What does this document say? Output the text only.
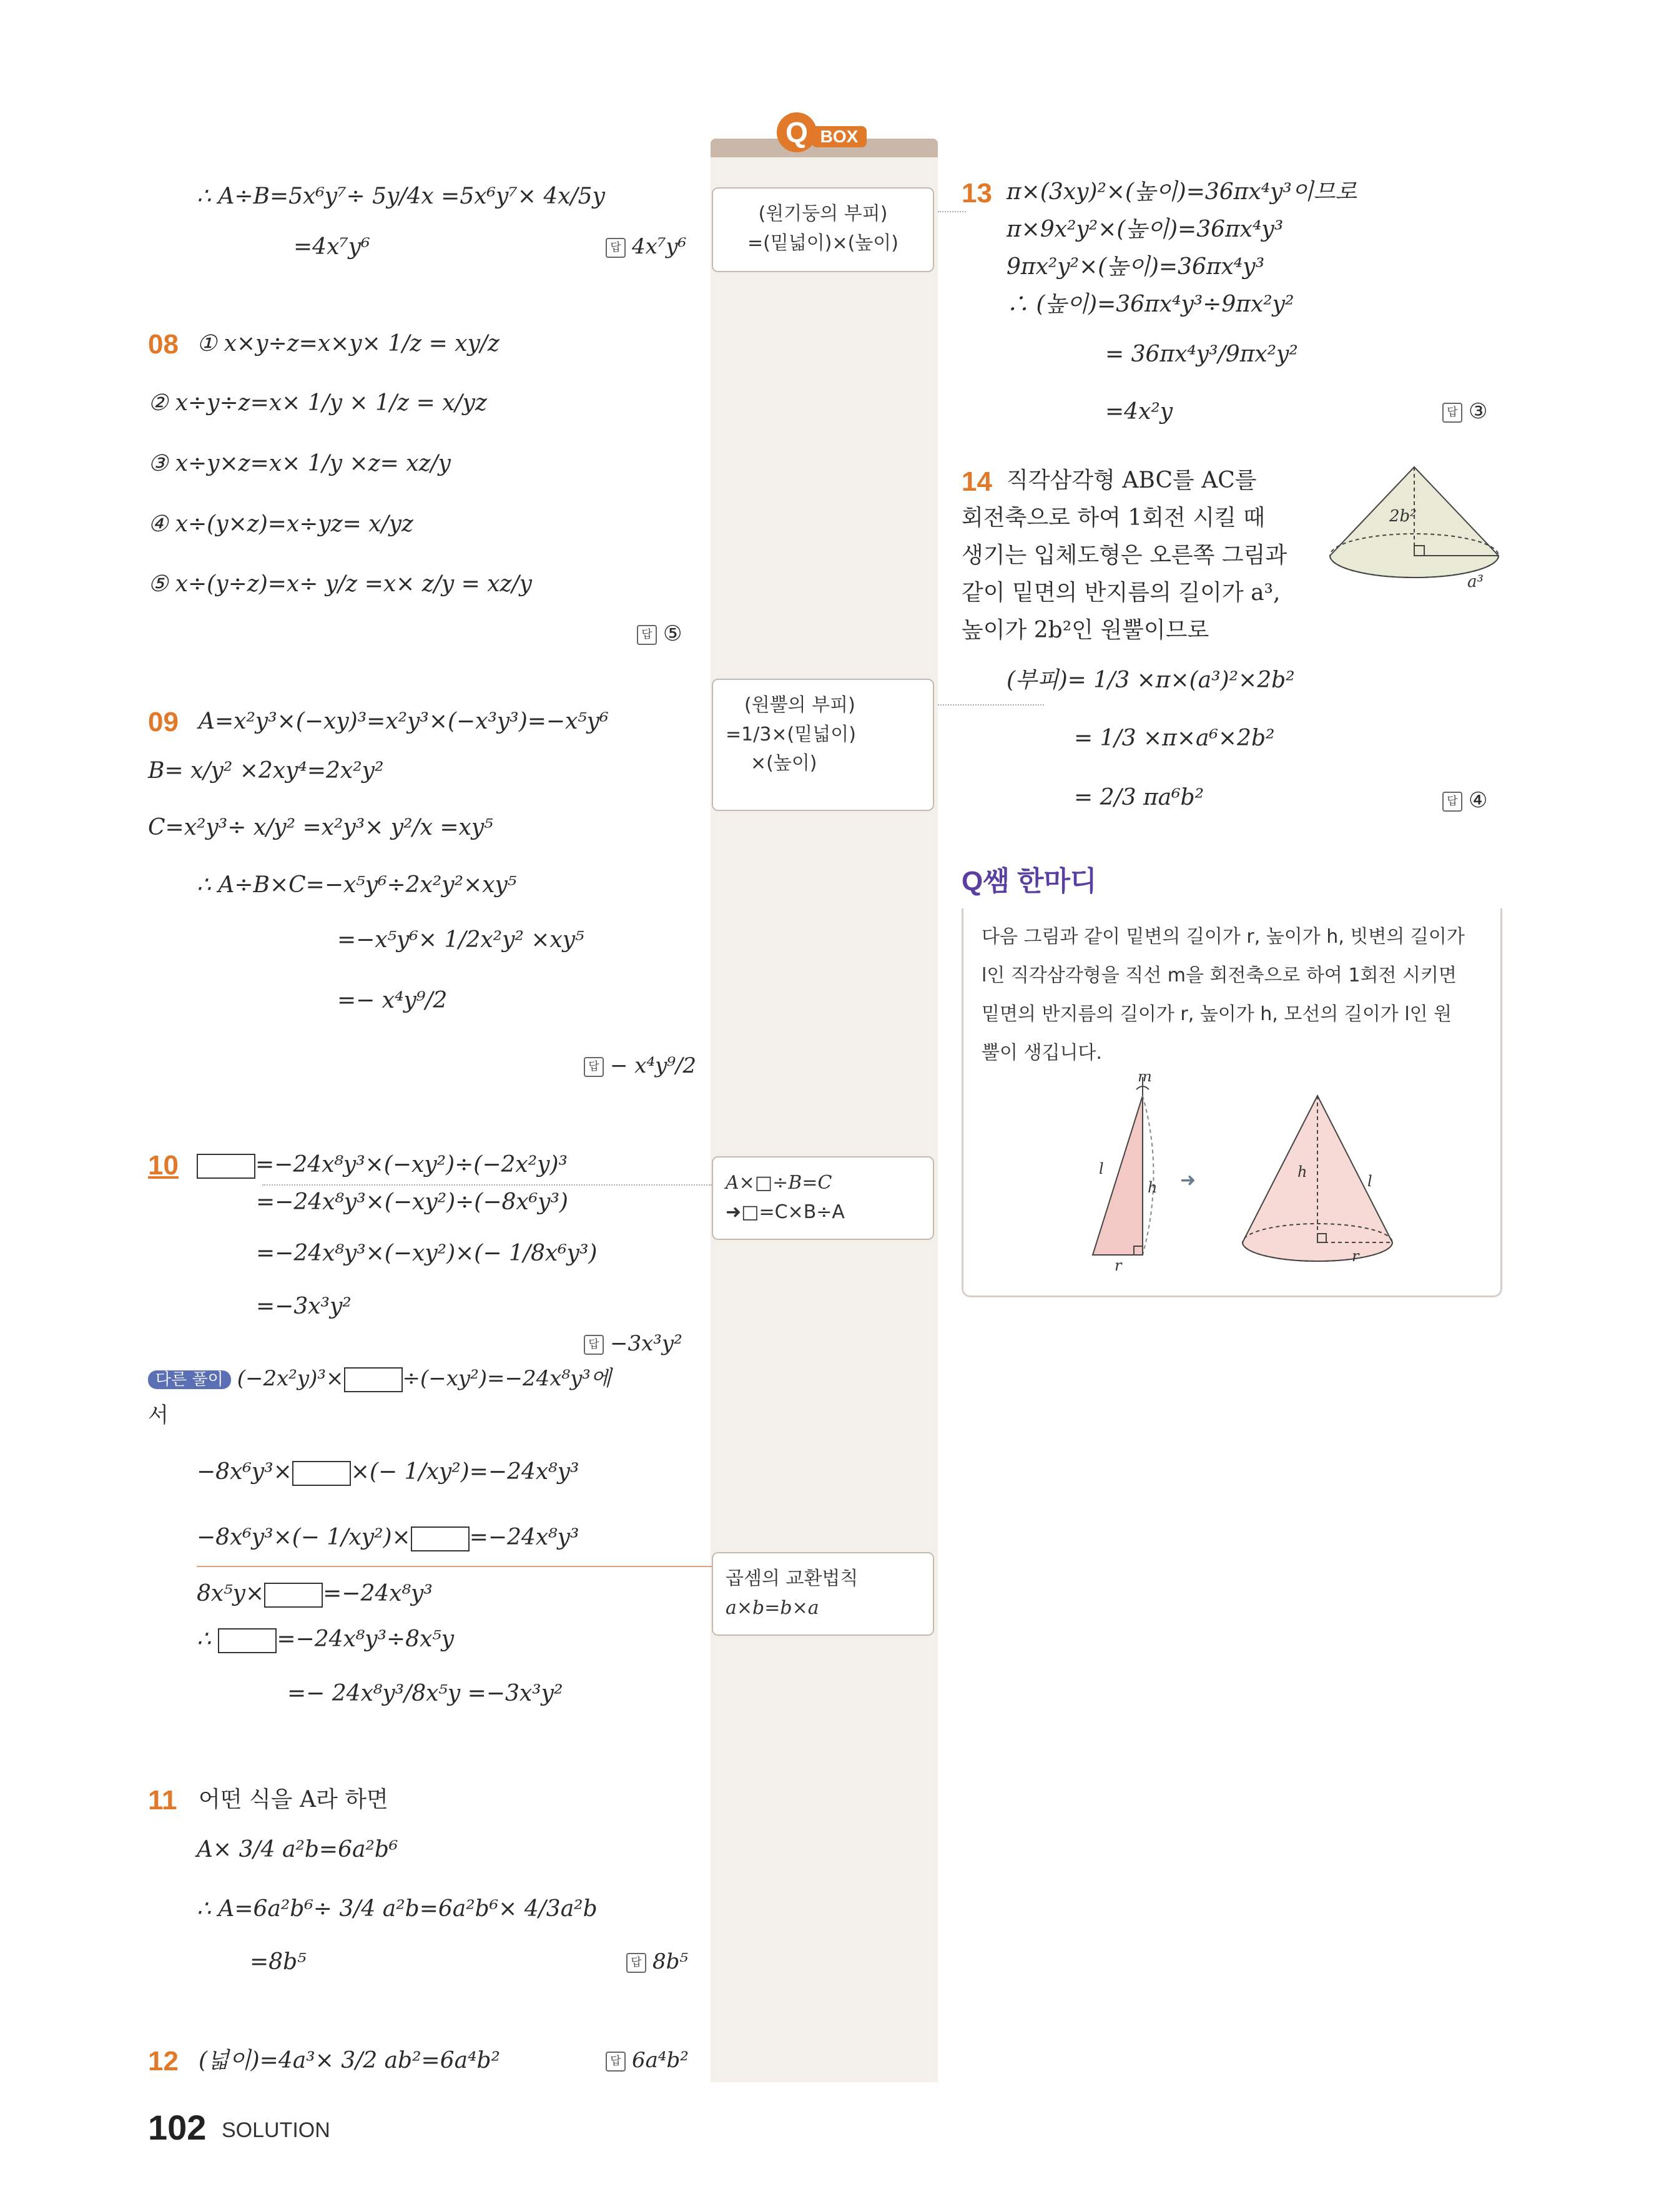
Q BOX
(원기둥의 부피)
=(밑넓이)×(높이)
(원뿔의 부피)
=1/3×(밑넓이)
×(높이)
A×□÷B=C
➜□=C×B÷A
곱셈의 교환법칙
a×b=b×a
∴ A÷B=5x⁶y⁷÷ 5y/4x =5x⁶y⁷× 4x/5y
=4x⁷y⁶	답 4x⁷y⁶
08 ① x×y÷z=x×y× 1/z = xy/z
② x÷y÷z=x× 1/y × 1/z = x/yz
③ x÷y×z=x× 1/y ×z= xz/y
④ x÷(y×z)=x÷yz= x/yz
⑤ x÷(y÷z)=x÷ y/z =x× z/y = xz/y
답 ⑤
09 A=x²y³×(−xy)³=x²y³×(−x³y³)=−x⁵y⁶
B= x/y² ×2xy⁴=2x²y²
C=x²y³÷ x/y² =x²y³× y²/x =xy⁵
∴ A÷B×C=−x⁵y⁶÷2x²y²×xy⁵
=−x⁵y⁶× 1/2x²y² ×xy⁵
=− x⁴y⁹/2
답 − x⁴y⁹/2
10	=−24x⁸y³×(−xy²)÷(−2x²y)³
=−24x⁸y³×(−xy²)÷(−8x⁶y³)
=−24x⁸y³×(−xy²)×(− 1/8x⁶y³)
=−3x³y²
답 −3x³y²
다른 풀이 (−2x²y)³×	÷(−xy²)=−24x⁸y³에
서
−8x⁶y³×	×(− 1/xy²)=−24x⁸y³
−8x⁶y³×(− 1/xy²)×	=−24x⁸y³
8x⁵y×	=−24x⁸y³
∴	=−24x⁸y³÷8x⁵y
=− 24x⁸y³/8x⁵y =−3x³y²
11 어떤 식을 A라 하면
A× 3/4 a²b=6a²b⁶
∴ A=6a²b⁶÷ 3/4 a²b=6a²b⁶× 4/3a²b
=8b⁵	답 8b⁵
12 (넓이)=4a³× 3/2 ab²=6a⁴b²	답 6a⁴b²
13 π×(3xy)²×(높이)=36πx⁴y³이므로
π×9x²y²×(높이)=36πx⁴y³
9πx²y²×(높이)=36πx⁴y³
∴ (높이)=36πx⁴y³÷9πx²y²
= 36πx⁴y³/9πx²y²
=4x²y	답 ③
14 직각삼각형 ABC를 AC를
회전축으로 하여 1회전 시킬 때
생기는 입체도형은 오른쪽 그림과
같이 밑면의 반지름의 길이가 a³,
높이가 2b²인 원뿔이므로
(부피)= 1/3 ×π×(a³)²×2b²
= 1/3 ×π×a⁶×2b²
= 2/3 πa⁶b²	답 ④
2b²
a³
Q쌤 한마디
다음 그림과 같이 밑변의 길이가 r, 높이가 h, 빗변의 길이가
l인 직각삼각형을 직선 m을 회전축으로 하여 1회전 시키면
밑면의 반지름의 길이가 r, 높이가 h, 모선의 길이가 l인 원
뿔이 생깁니다.
m
l
h
r
➜	h
l
r
102 SOLUTION
